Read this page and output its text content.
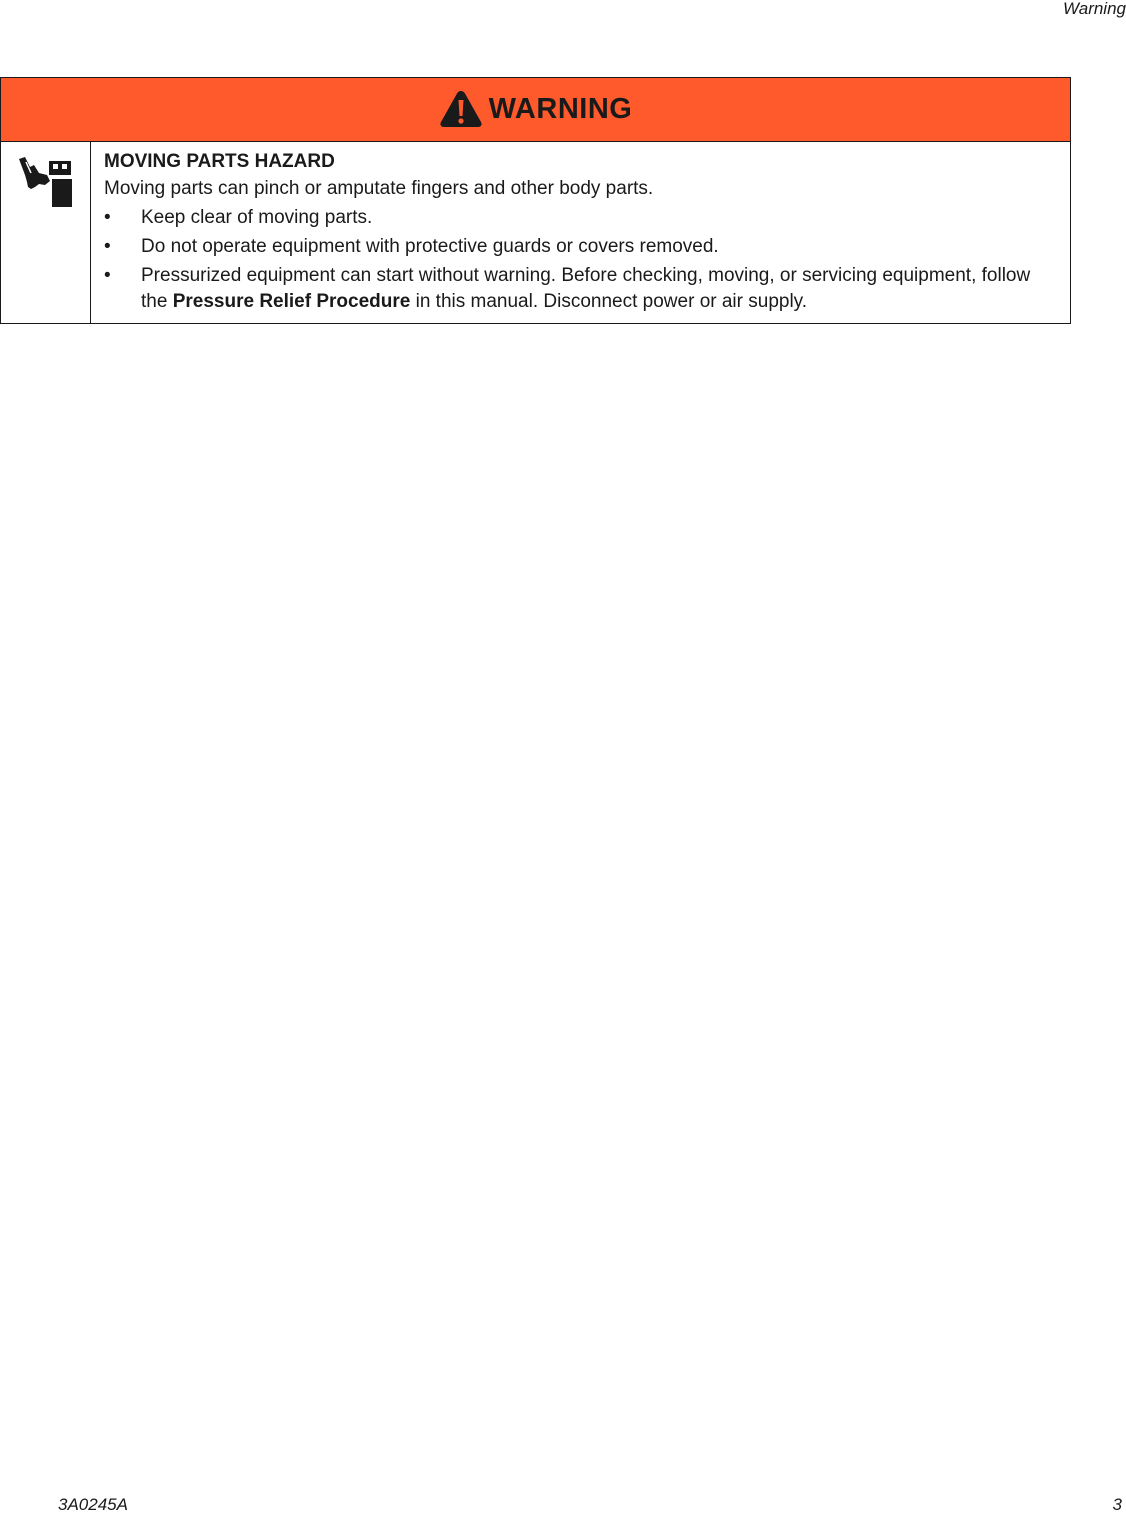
Warning
WARNING
MOVING PARTS HAZARD
Moving parts can pinch or amputate fingers and other body parts.
• Keep clear of moving parts.
• Do not operate equipment with protective guards or covers removed.
• Pressurized equipment can start without warning. Before checking, moving, or servicing equipment, follow the Pressure Relief Procedure in this manual. Disconnect power or air supply.
3A0245A	3
